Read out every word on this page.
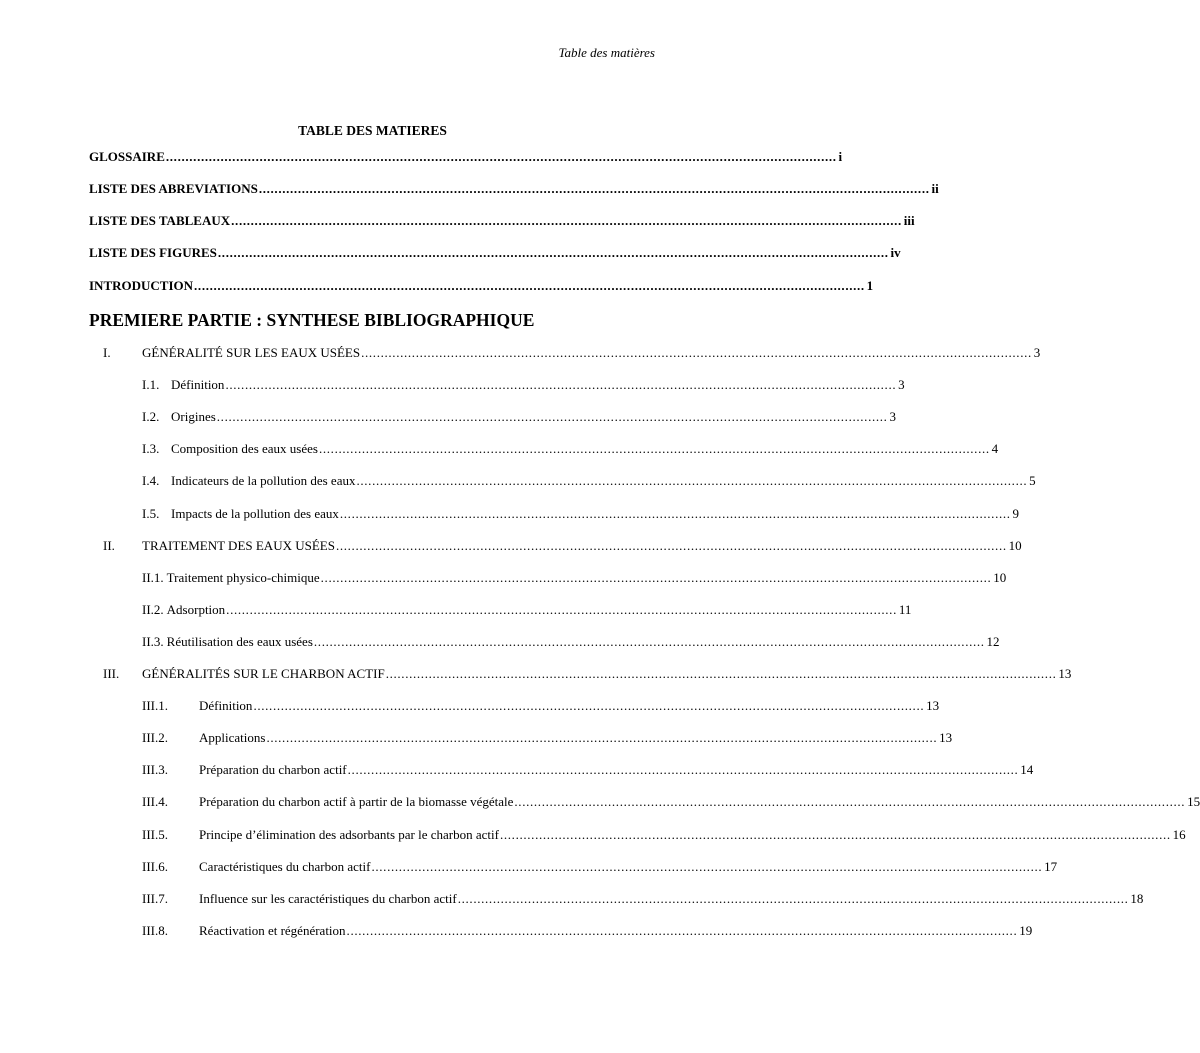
Table des matières
TABLE DES MATIERES
GLOSSAIRE . . .	i
LISTE DES ABREVIATIONS . . .	ii
LISTE DES TABLEAUX . . .	iii
LISTE DES FIGURES . . .	iv
INTRODUCTION . . .	1
PREMIERE PARTIE : SYNTHESE BIBLIOGRAPHIQUE
I.	GÉNÉRALITÉ SUR LES EAUX USÉES . . .	3
I.1. Définition . . .	3
I.2. Origines . . .	3
I.3. Composition des eaux usées . . .	4
I.4. Indicateurs de la pollution des eaux . . .	5
I.5. Impacts de la pollution des eaux . . .	9
II.	TRAITEMENT DES EAUX USÉES . . .	10
II.1. Traitement physico-chimique . . .	10
II.2. Adsorption . . .	11
II.3. Réutilisation des eaux usées . . .	12
III.	GÉNÉRALITÉS SUR LE CHARBON ACTIF . . .	13
III.1.	Définition . . .	13
III.2.	Applications . . .	13
III.3.	Préparation du charbon actif . . .	14
III.4.	Préparation du charbon actif à partir de la biomasse végétale . . .	15
III.5.	Principe d’élimination des adsorbants par le charbon actif . . .	16
III.6.	Caractéristiques du charbon actif . . .	17
III.7.	Influence sur les caractéristiques du charbon actif . . .	18
III.8.	Réactivation et régénération . . .	19
